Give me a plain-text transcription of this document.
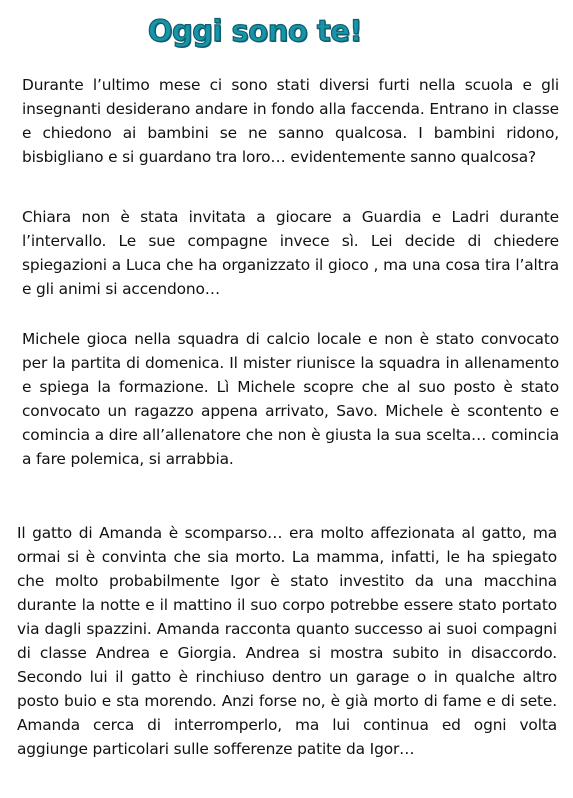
Oggi sono te!

Durante l’ultimo mese ci sono stati diversi furti nella scuola e gli insegnanti desiderano andare in fondo alla faccenda. Entrano in classe e chiedono ai bambini se ne sanno qualcosa. I bambini ridono, bisbigliano e si guardano tra loro… evidentemente sanno qualcosa?

Chiara non è stata invitata a giocare a Guardia e Ladri durante l’intervallo. Le sue compagne invece sì. Lei decide di chiedere spiegazioni a Luca che ha organizzato il gioco , ma una cosa tira l’altra e gli animi si accendono…

Michele gioca nella squadra di calcio locale e non è stato convocato per la partita di domenica. Il mister riunisce la squadra in allenamento e spiega la formazione. Lì Michele scopre che al suo posto è stato convocato un ragazzo appena arrivato, Savo. Michele è scontento e comincia a dire all’allenatore che non è giusta la sua scelta… comincia a fare polemica, si arrabbia.

Il gatto di Amanda è scomparso… era molto affezionata al gatto, ma ormai si è convinta che sia morto. La mamma, infatti, le ha spiegato che molto probabilmente Igor è stato investito da una macchina durante la notte e il mattino il suo corpo potrebbe essere stato portato via dagli spazzini. Amanda racconta quanto successo ai suoi compagni di classe Andrea e Giorgia. Andrea si mostra subito in disaccordo. Secondo lui il gatto è rinchiuso dentro un garage o in qualche altro posto buio e sta morendo. Anzi forse no, è già morto di fame e di sete. Amanda cerca di interromperlo, ma lui continua ed ogni volta aggiunge particolari sulle sofferenze patite da Igor…
